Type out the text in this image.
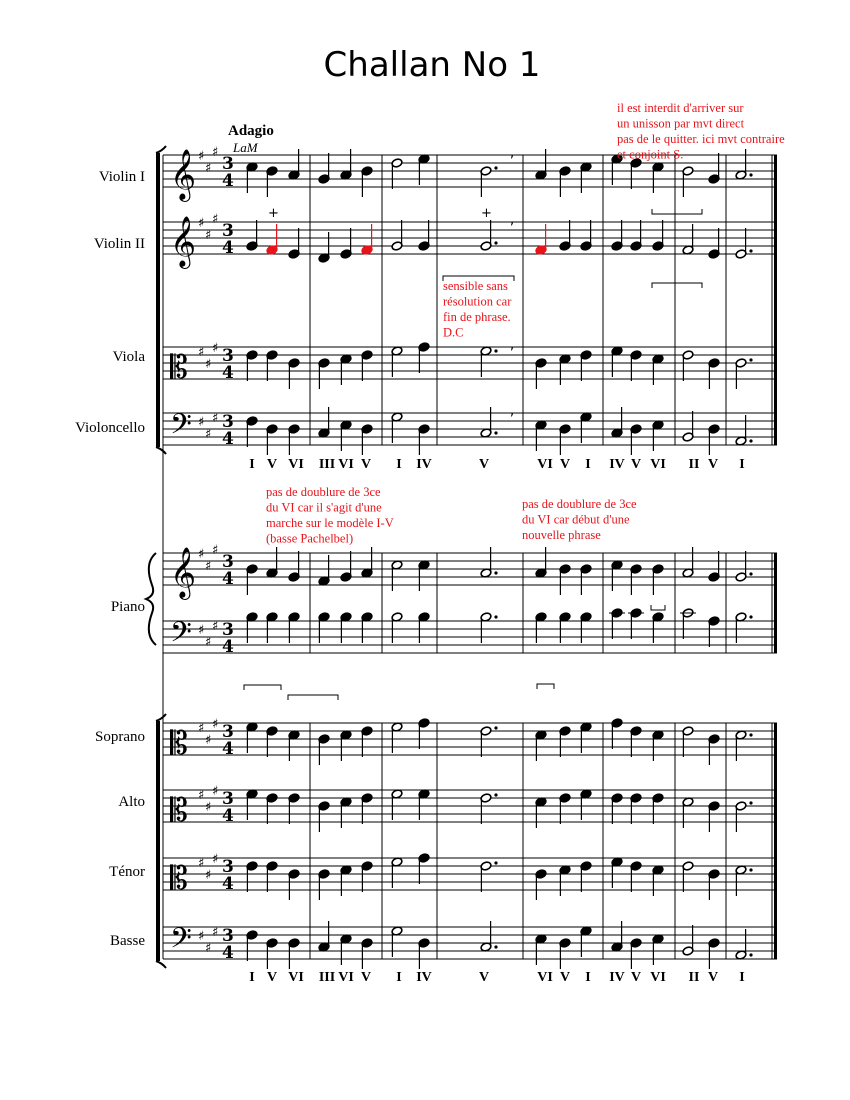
Challan No 1
Adagio
LaM
Violin I
Violin II
Viola
Violoncello
Piano
Soprano
Alto
Ténor
Basse
𝄞 ♯
♯
♯
3
4
𝄞 ♯
♯
♯
3
4
𝄡 ♯
♯
♯ 3
4
𝄢 ♯
♯
♯ 3
4
𝄞 ♯
♯
♯
3
4
𝄢 ♯
♯
♯ 3
4
𝄡 ♯
♯
♯ 3
4
𝄡 ♯
♯
♯ 3
4
𝄡 ♯
♯
♯ 3
4
𝄢 ♯
♯
♯ 3
4
,
,
,
,
+	+
I V VI III VI V I IV	V	VI V I IV V VI II V I
I V VI III VI V I IV	V	VI V I IV V VI II V I
il est interdit d'arriver sur
un unisson par mvt direct
pas de le quitter. ici mvt contraire
et conjoint S.
sensible sans
résolution car
fin de phrase.
D.C
pas de doublure de 3ce
du VI car il s'agit d'une
marche sur le modèle I-V
(basse Pachelbel)
pas de doublure de 3ce
du VI car début d'une
nouvelle phrase
